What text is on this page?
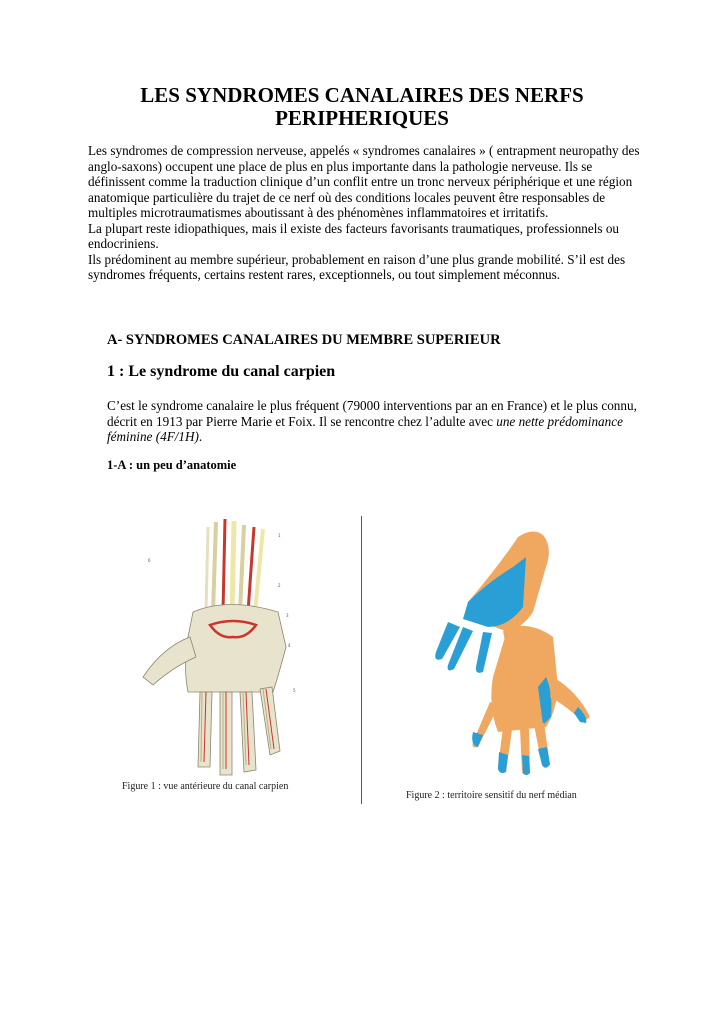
LES SYNDROMES CANALAIRES DES NERFS
PERIPHERIQUES

Les syndromes de compression nerveuse, appelés « syndromes canalaires » ( entrapment neuropathy des anglo-saxons) occupent une place de plus en plus importante dans la pathologie nerveuse. Ils se définissent comme la traduction clinique d’un conflit entre un tronc nerveux périphérique et une région anatomique particulière du trajet de ce nerf où des conditions locales peuvent être responsables de multiples microtraumatismes aboutissant à des phénomènes inflammatoires et irritatifs.

La plupart reste idiopathiques, mais il existe des facteurs favorisants traumatiques, professionnels ou endocriniens.

Ils prédominent au membre supérieur, probablement en raison d’une plus grande mobilité. S’il est des syndromes fréquents, certains restent rares, exceptionnels, ou tout simplement méconnus.

A- SYNDROMES CANALAIRES DU MEMBRE SUPERIEUR
1 : Le syndrome du canal carpien

C’est le syndrome canalaire le plus fréquent (79000 interventions par an en France) et le plus connu, décrit en 1913 par Pierre Marie et Foix. Il se rencontre chez l’adulte avec une nette prédominance féminine (4F/1H).

1-A : un peu d’anatomie
1
2
3
4
5
6
Figure 1 : vue antérieure du canal carpien
Figure 2 : territoire sensitif du nerf médian
